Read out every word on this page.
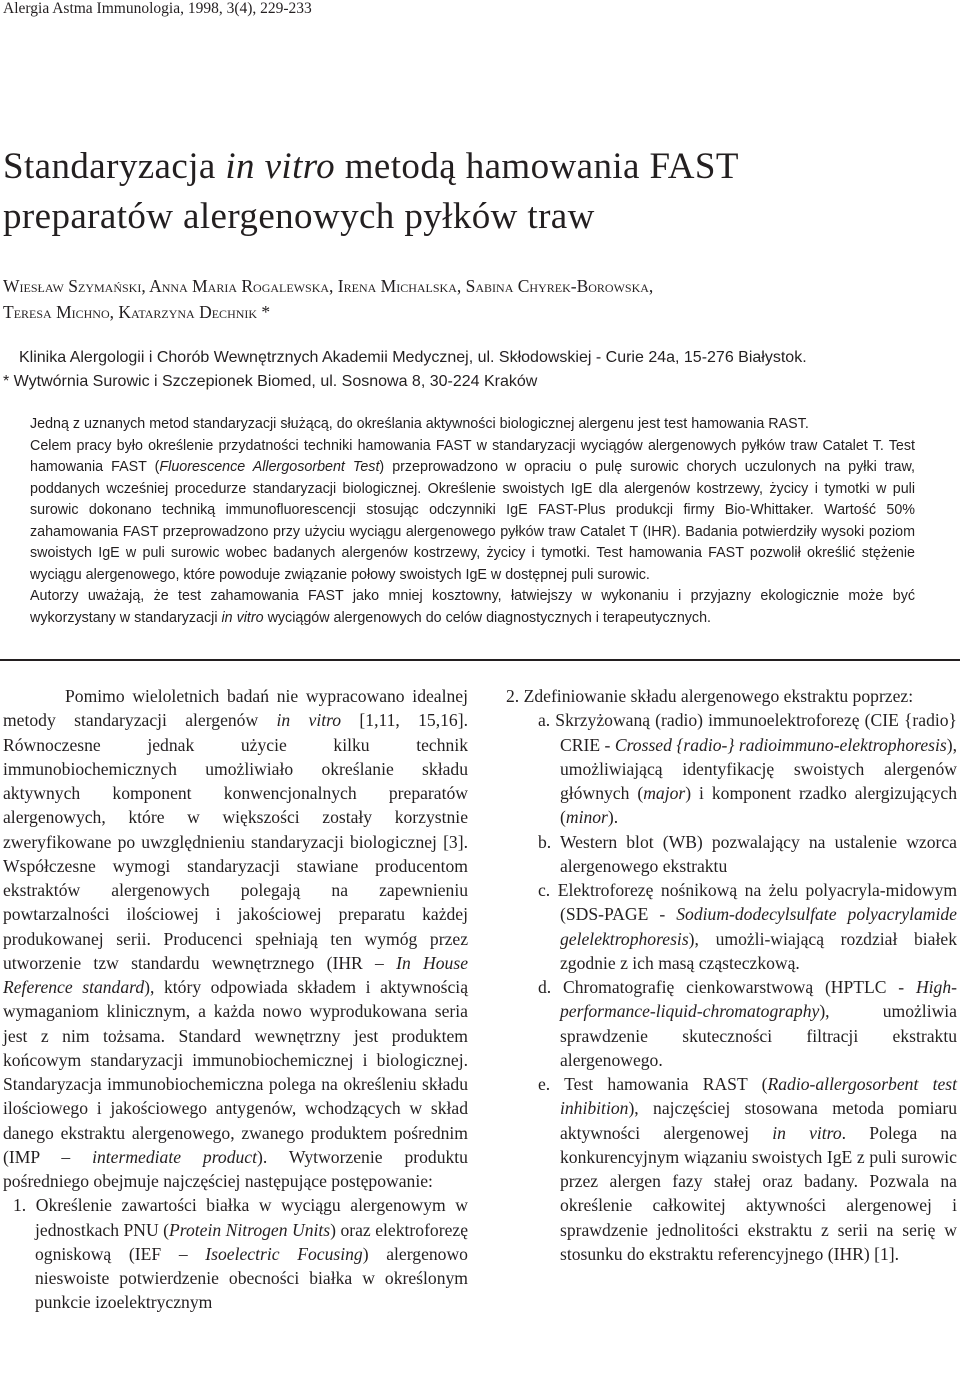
Alergia Astma Immunologia, 1998, 3(4), 229-233
Standaryzacja in vitro metodą hamowania FAST
preparatów alergenowych pyłków traw
Wiesław Szymański, Anna Maria Rogalewska, Irena Michalska, Sabina Chyrek-Borowska,
Teresa Michno, Katarzyna Dechnik *
Klinika Alergologii i Chorób Wewnętrznych Akademii Medycznej, ul. Skłodowskiej - Curie 24a, 15-276 Białystok.
* Wytwórnia Surowic i Szczepionek Biomed, ul. Sosnowa 8, 30-224 Kraków

Jedną z uznanych metod standaryzacji służącą, do określania aktywności biologicznej alergenu jest test hamowania RAST.

Celem pracy było określenie przydatności techniki hamowania FAST w standaryzacji wyciągów alergenowych pyłków traw Catalet T. Test hamowania FAST (Fluorescence Allergosorbent Test) przeprowadzono w opraciu o pulę surowic chorych uczulonych na pyłki traw, poddanych wcześniej procedurze standaryzacji biologicznej. Określenie swoistych IgE dla alergenów kostrzewy, życicy i tymotki w puli surowic dokonano techniką immunofluorescencji stosując odczynniki IgE FAST-Plus produkcji firmy Bio-Whittaker. Wartość 50% zahamowania FAST przeprowadzono przy użyciu wyciągu alergenowego pyłków traw Catalet T (IHR). Badania potwierdziły wysoki poziom swoistych IgE w puli surowic wobec badanych alergenów kostrzewy, życicy i tymotki. Test hamowania FAST pozwolił określić stężenie wyciągu alergenowego, które powoduje związanie połowy swoistych IgE w dostępnej puli surowic.

Autorzy uważają, że test zahamowania FAST jako mniej kosztowny, łatwiejszy w wykonaniu i przyjazny ekologicznie może być wykorzystany w standaryzacji in vitro wyciągów alergenowych do celów diagnostycznych i terapeutycznych.

Pomimo wieloletnich badań nie wypracowano idealnej metody standaryzacji alergenów in vitro [1,11, 15,16]. Równoczesne jednak użycie kilku technik immunobiochemicznych umożliwiało określanie składu aktywnych komponent konwencjonalnych preparatów alergenowych, które w większości zostały korzystnie zweryfikowane po uwzględnieniu standaryzacji biologicznej [3]. Współczesne wymogi standaryzacji stawiane producentom ekstraktów alergenowych polegają na zapewnieniu powtarzalności ilościowej i jakościowej preparatu każdej produkowanej serii. Producenci spełniają ten wymóg przez utworzenie tzw standardu wewnętrznego (IHR – In House Reference standard), który odpowiada składem i aktywnością wymaganiom klinicznym, a każda nowo wyprodukowana seria jest z nim tożsama. Standard wewnętrzny jest produktem końcowym standaryzacji immunobiochemicznej i biologicznej. Standaryzacja immunobiochemiczna polega na określeniu składu ilościowego i jakościowego antygenów, wchodzących w skład danego ekstraktu alergenowego, zwanego produktem pośrednim (IMP – intermediate product). Wytworzenie produktu pośredniego obejmuje najczęściej następujące postępowanie:

1. Określenie zawartości białka w wyciągu alergenowym w jednostkach PNU (Protein Nitrogen Units) oraz elektroforezę ogniskową (IEF – Isoelectric Focusing) alergenowo nieswoiste potwierdzenie obecności białka w określonym punkcie izoelektrycznym

2. Zdefiniowanie składu alergenowego ekstraktu poprzez:

a. Skrzyżowaną (radio) immunoelektroforezę (CIE {radio} CRIE - Crossed {radio-} radioimmuno-elektrophoresis), umożliwiającą identyfikację swoistych alergenów głównych (major) i komponent rzadko alergizujących (minor).
b. Western blot (WB) pozwalający na ustalenie wzorca alergenowego ekstraktu
c. Elektroforezę nośnikową na żelu polyacryla-midowym (SDS-PAGE - Sodium-dodecylsulfate polyacrylamide gelelektrophoresis), umożli-wiającą rozdział białek zgodnie z ich masą cząsteczkową.
d. Chromatografię cienkowarstwową (HPTLC - High-performance-liquid-chromatography), umożliwia sprawdzenie skuteczności filtracji ekstraktu alergenowego.
e. Test hamowania RAST (Radio-allergosorbent test inhibition), najczęściej stosowana metoda pomiaru aktywności alergenowej in vitro. Polega na konkurencyjnym wiązaniu swoistych IgE z puli surowic przez alergen fazy stałej oraz badany. Pozwala na określenie całkowitej aktywności alergenowej i sprawdzenie jednolitości ekstraktu z serii na serię w stosunku do ekstraktu referencyjnego (IHR) [1].
